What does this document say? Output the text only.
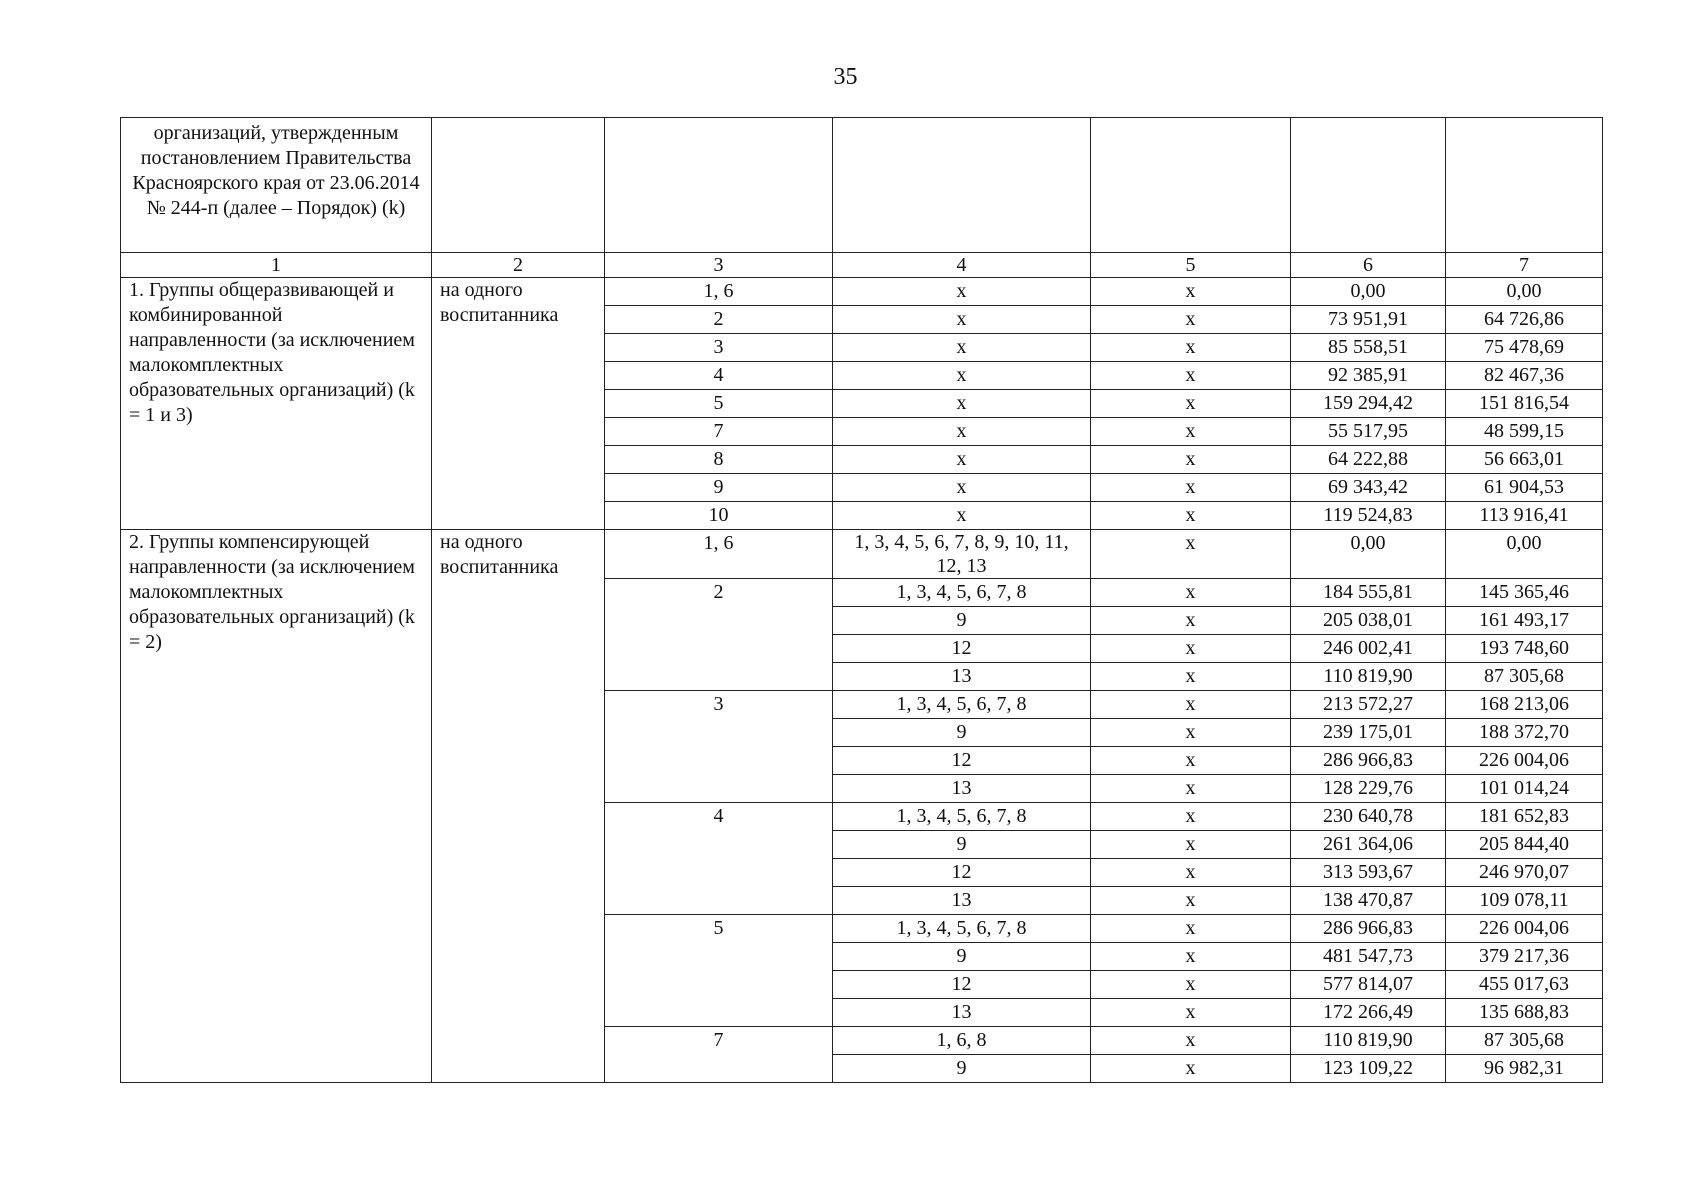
35
организаций, утвержденным постановлением Правительства Красноярского края от 23.06.2014 № 244-п (далее – Порядок) (k)						
1	2	3	4	5	6	7
1. Группы общеразвивающей и комбинированной направленности (за исключением малокомплектных образовательных организаций) (k = 1 и 3)	на одного воспитанника	1, 6	х	х	0,00	0,00
		2	х	х	73 951,91	64 726,86
		3	х	х	85 558,51	75 478,69
		4	х	х	92 385,91	82 467,36
		5	х	х	159 294,42	151 816,54
		7	х	х	55 517,95	48 599,15
		8	х	х	64 222,88	56 663,01
		9	х	х	69 343,42	61 904,53
		10	х	х	119 524,83	113 916,41
2. Группы компенсирующей направленности (за исключением малокомплектных образовательных организаций) (k = 2)	на одного воспитанника	1, 6	1, 3, 4, 5, 6, 7, 8, 9, 10, 11, 12, 13	х	0,00	0,00
		2	1, 3, 4, 5, 6, 7, 8	х	184 555,81	145 365,46
			9	х	205 038,01	161 493,17
			12	х	246 002,41	193 748,60
			13	х	110 819,90	87 305,68
		3	1, 3, 4, 5, 6, 7, 8	х	213 572,27	168 213,06
			9	х	239 175,01	188 372,70
			12	х	286 966,83	226 004,06
			13	х	128 229,76	101 014,24
		4	1, 3, 4, 5, 6, 7, 8	х	230 640,78	181 652,83
			9	х	261 364,06	205 844,40
			12	х	313 593,67	246 970,07
			13	х	138 470,87	109 078,11
		5	1, 3, 4, 5, 6, 7, 8	х	286 966,83	226 004,06
			9	х	481 547,73	379 217,36
			12	х	577 814,07	455 017,63
			13	х	172 266,49	135 688,83
		7	1, 6, 8	х	110 819,90	87 305,68
			9	х	123 109,22	96 982,31
